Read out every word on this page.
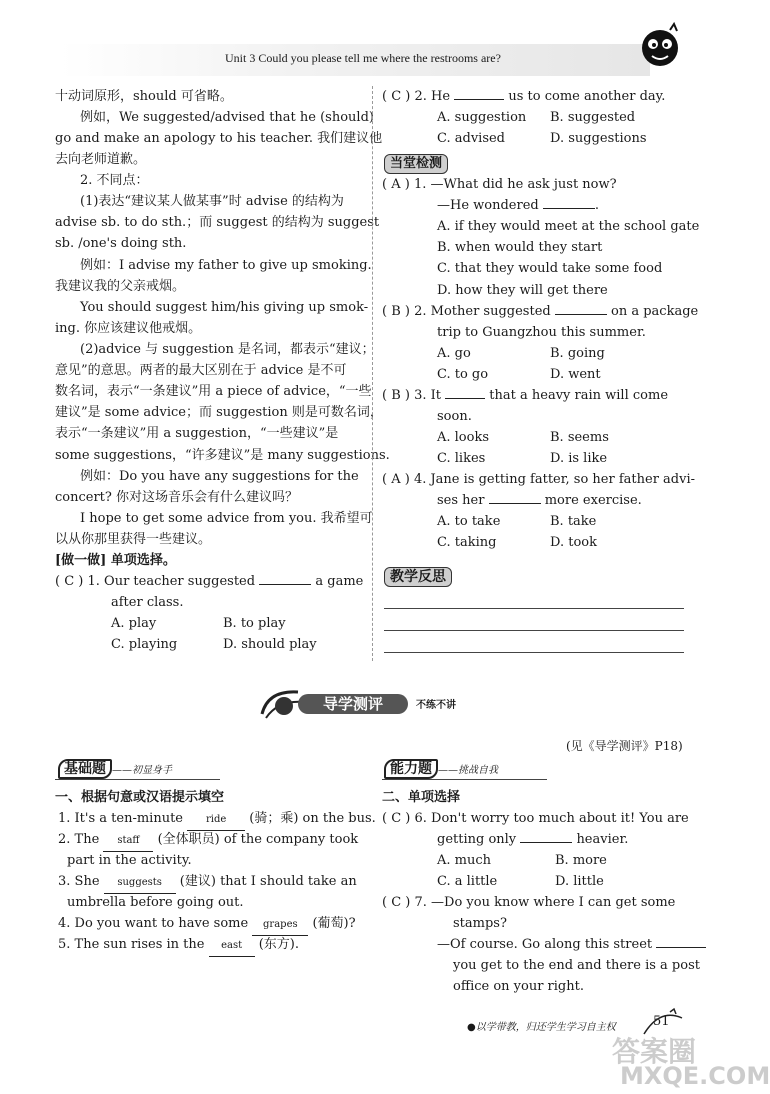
Unit 3 Could you please tell me where the restrooms are?
十动词原形，should 可省略。
例如，We suggested/advised that he (should)
go and make an apology to his teacher. 我们建议他
去向老师道歉。
2. 不同点：
(1)表达“建议某人做某事”时 advise 的结构为
advise sb. to do sth.；而 suggest 的结构为 suggest
sb. /one's doing sth.
例如：I advise my father to give up smoking.
我建议我的父亲戒烟。
You should suggest him/his giving up smok-
ing. 你应该建议他戒烟。
(2)advice 与 suggestion 是名词，都表示“建议；
意见”的意思。两者的最大区别在于 advice 是不可
数名词，表示“一条建议”用 a piece of advice，“一些
建议”是 some advice；而 suggestion 则是可数名词，
表示“一条建议”用 a suggestion，“一些建议”是
some suggestions，“许多建议”是 many suggestions.
例如：Do you have any suggestions for the
concert? 你对这场音乐会有什么建议吗？
I hope to get some advice from you. 我希望可
以从你那里获得一些建议。
[做一做] 单项选择。
( C ) 1. Our teacher suggested	a game
after class.
A. play	B. to play
C. playing	D. should play
( C ) 2. He	us to come another day.
A. suggestion B. suggested
C. advised	D. suggestions
当堂检测
( A ) 1. —What did he ask just now?
—He wondered	.
A. if they would meet at the school gate
B. when would they start
C. that they would take some food
D. how they will get there
( B ) 2. Mother suggested	on a package
trip to Guangzhou this summer.
A. go	B. going
C. to go	D. went
( B ) 3. It	that a heavy rain will come
soon.
A. looks	B. seems
C. likes	D. is like
( A ) 4. Jane is getting fatter, so her father advi-
ses her	more exercise.
A. to take	B. take
C. taking	D. took
教学反思
导学测评	不练不讲
(见《导学测评》P18)
基础题 ——初显身手
一、根据句意或汉语提示填空
1. It's a ten-minute ride (骑；乘) on the bus.
2. The staff (全体职员) of the company took
part in the activity.
3. She suggests (建议) that I should take an
umbrella before going out.
4. Do you want to have some grapes (葡萄)?
5. The sun rises in the east (东方).
能力题 ——挑战自我
二、单项选择
( C ) 6. Don't worry too much about it! You are
getting only	heavier.
A. much	B. more
C. a little	D. little
( C ) 7. —Do you know where I can get some
stamps?
—Of course. Go along this street
you get to the end and there is a post
office on your right.
●以学带教，归还学生学习自主权	51
答案圈
MXQE.COM
